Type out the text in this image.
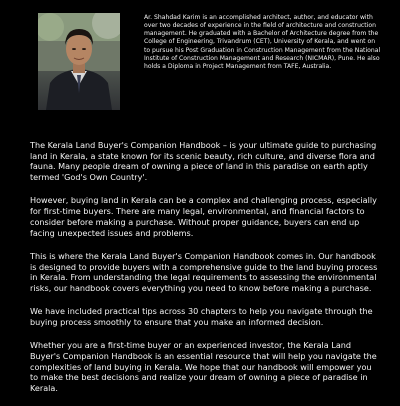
Ar. Shahdad Karim is an accomplished architect, author, and educator with over two decades of experience in the field of architecture and construction management. He graduated with a Bachelor of Architecture degree from the College of Engineering, Trivandrum (CET), University of Kerala, and went on to pursue his Post Graduation in Construction Management from the National Institute of Construction Management and Research (NICMAR), Pune. He also holds a Diploma in Project Management from TAFE, Australia.

The Kerala Land Buyer's Companion Handbook – is your ultimate guide to purchasing land in Kerala, a state known for its scenic beauty, rich culture, and diverse flora and fauna. Many people dream of owning a piece of land in this paradise on earth aptly termed 'God's Own Country'.

However, buying land in Kerala can be a complex and challenging process, especially for first-time buyers. There are many legal, environmental, and financial factors to consider before making a purchase. Without proper guidance, buyers can end up facing unexpected issues and problems.

This is where the Kerala Land Buyer's Companion Handbook comes in. Our handbook is designed to provide buyers with a comprehensive guide to the land buying process in Kerala. From understanding the legal requirements to assessing the environmental risks, our handbook covers everything you need to know before making a purchase.

We have included practical tips across 30 chapters to help you navigate through the buying process smoothly to ensure that you make an informed decision.

Whether you are a first-time buyer or an experienced investor, the Kerala Land Buyer's Companion Handbook is an essential resource that will help you navigate the complexities of land buying in Kerala. We hope that our handbook will empower you to make the best decisions and realize your dream of owning a piece of paradise in Kerala.
